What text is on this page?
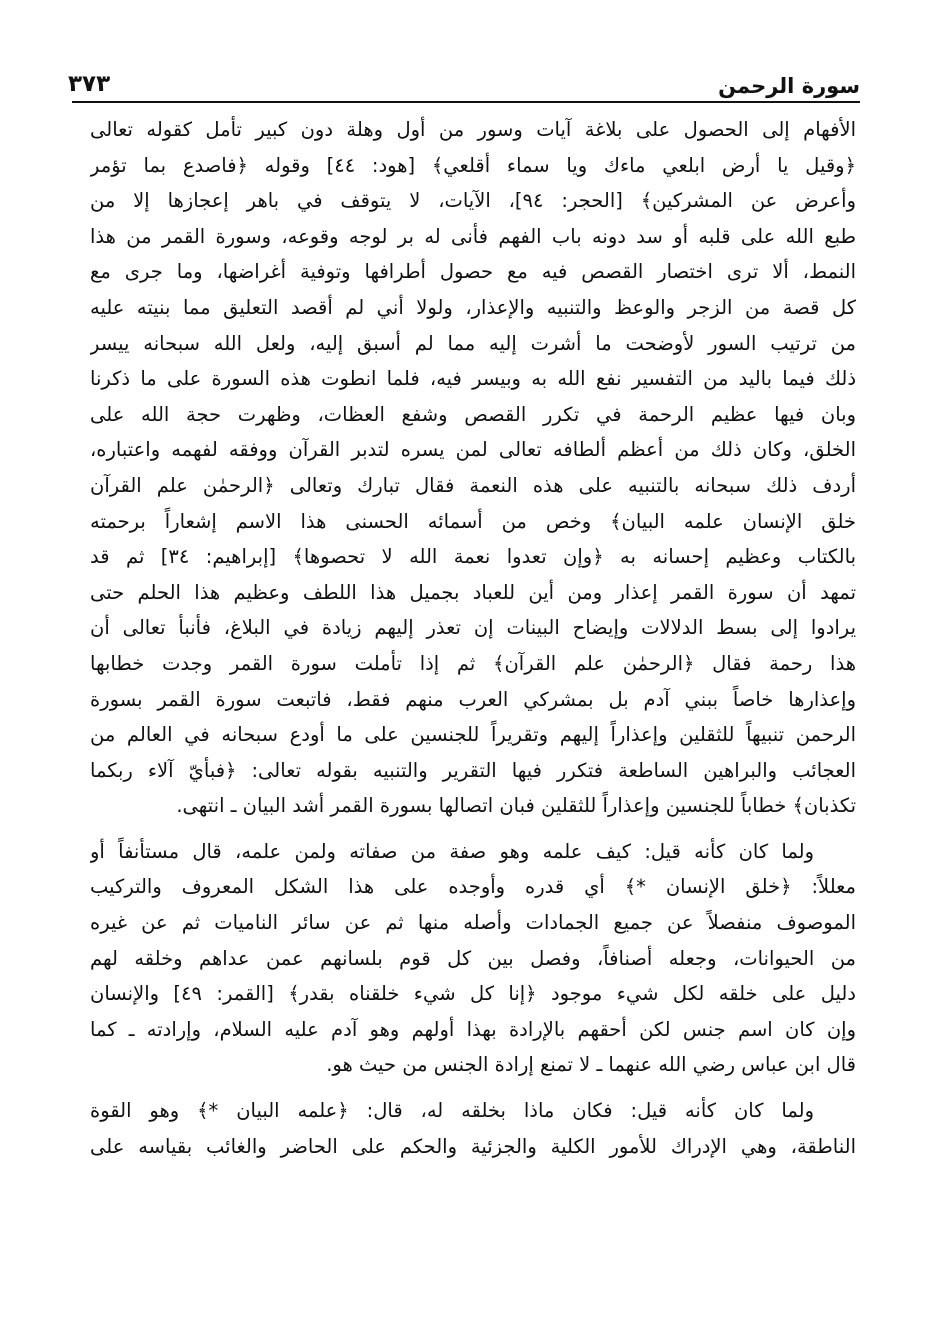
سورة الرحمن
٣٧٣

الأفهام إلى الحصول على بلاغة آيات وسور من أول وهلة دون كبير تأمل كقوله تعالى
﴿وقيل يا أرض ابلعي ماءك ويا سماء أقلعي﴾ [هود: ٤٤] وقوله ﴿فاصدع بما تؤمر
وأعرض عن المشركين﴾ [الحجر: ٩٤]، الآيات، لا يتوقف في باهر إعجازها إلا من
طبع الله على قلبه أو سد دونه باب الفهم فأنى له بر لوجه وقوعه، وسورة القمر من هذا
النمط، ألا ترى اختصار القصص فيه مع حصول أطرافها وتوفية أغراضها، وما جرى مع
كل قصة من الزجر والوعظ والتنبيه والإعذار، ولولا أني لم أقصد التعليق مما بنيته عليه
من ترتيب السور لأوضحت ما أشرت إليه مما لم أسبق إليه، ولعل الله سبحانه ييسر
ذلك فيما باليد من التفسير نفع الله به وبيسر فيه، فلما انطوت هذه السورة على ما ذكرنا
وبان فيها عظيم الرحمة في تكرر القصص وشفع العظات، وظهرت حجة الله على
الخلق، وكان ذلك من أعظم ألطافه تعالى لمن يسره لتدبر القرآن ووفقه لفهمه واعتباره،
أردف ذلك سبحانه بالتنبيه على هذه النعمة فقال تبارك وتعالى ﴿الرحمٰن علم القرآن
خلق الإنسان علمه البيان﴾ وخص من أسمائه الحسنى هذا الاسم إشعاراً برحمته
بالكتاب وعظيم إحسانه به ﴿وإن تعدوا نعمة الله لا تحصوها﴾ [إبراهيم: ٣٤] ثم قد
تمهد أن سورة القمر إعذار ومن أين للعباد بجميل هذا اللطف وعظيم هذا الحلم حتى
يرادوا إلى بسط الدلالات وإيضاح البينات إن تعذر إليهم زيادة في البلاغ، فأنبأ تعالى أن
هذا رحمة فقال ﴿الرحمٰن علم القرآن﴾ ثم إذا تأملت سورة القمر وجدت خطابها
وإعذارها خاصاً ببني آدم بل بمشركي العرب منهم فقط، فاتبعت سورة القمر بسورة
الرحمن تنبيهاً للثقلين وإعذاراً إليهم وتقريراً للجنسين على ما أودع سبحانه في العالم من
العجائب والبراهين الساطعة فتكرر فيها التقرير والتنبيه بقوله تعالى: ﴿فبأيّ آلاء ربكما
تكذبان﴾ خطاباً للجنسين وإعذاراً للثقلين فبان اتصالها بسورة القمر أشد البيان ـ انتهى.

ولما كان كأنه قيل: كيف علمه وهو صفة من صفاته ولمن علمه، قال مستأنفاً أو
معللاً: ﴿خلق الإنسان *﴾ أي قدره وأوجده على هذا الشكل المعروف والتركيب
الموصوف منفصلاً عن جميع الجمادات وأصله منها ثم عن سائر الناميات ثم عن غيره
من الحيوانات، وجعله أصنافاً، وفصل بين كل قوم بلسانهم عمن عداهم وخلقه لهم
دليل على خلقه لكل شيء موجود ﴿إنا كل شيء خلقناه بقدر﴾ [القمر: ٤٩] والإنسان
وإن كان اسم جنس لكن أحقهم بالإرادة بهذا أولهم وهو آدم عليه السلام، وإرادته ـ كما
قال ابن عباس رضي الله عنهما ـ لا تمنع إرادة الجنس من حيث هو.

ولما كان كأنه قيل: فكان ماذا بخلقه له، قال: ﴿علمه البيان *﴾ وهو القوة
الناطقة، وهي الإدراك للأمور الكلية والجزئية والحكم على الحاضر والغائب بقياسه على
